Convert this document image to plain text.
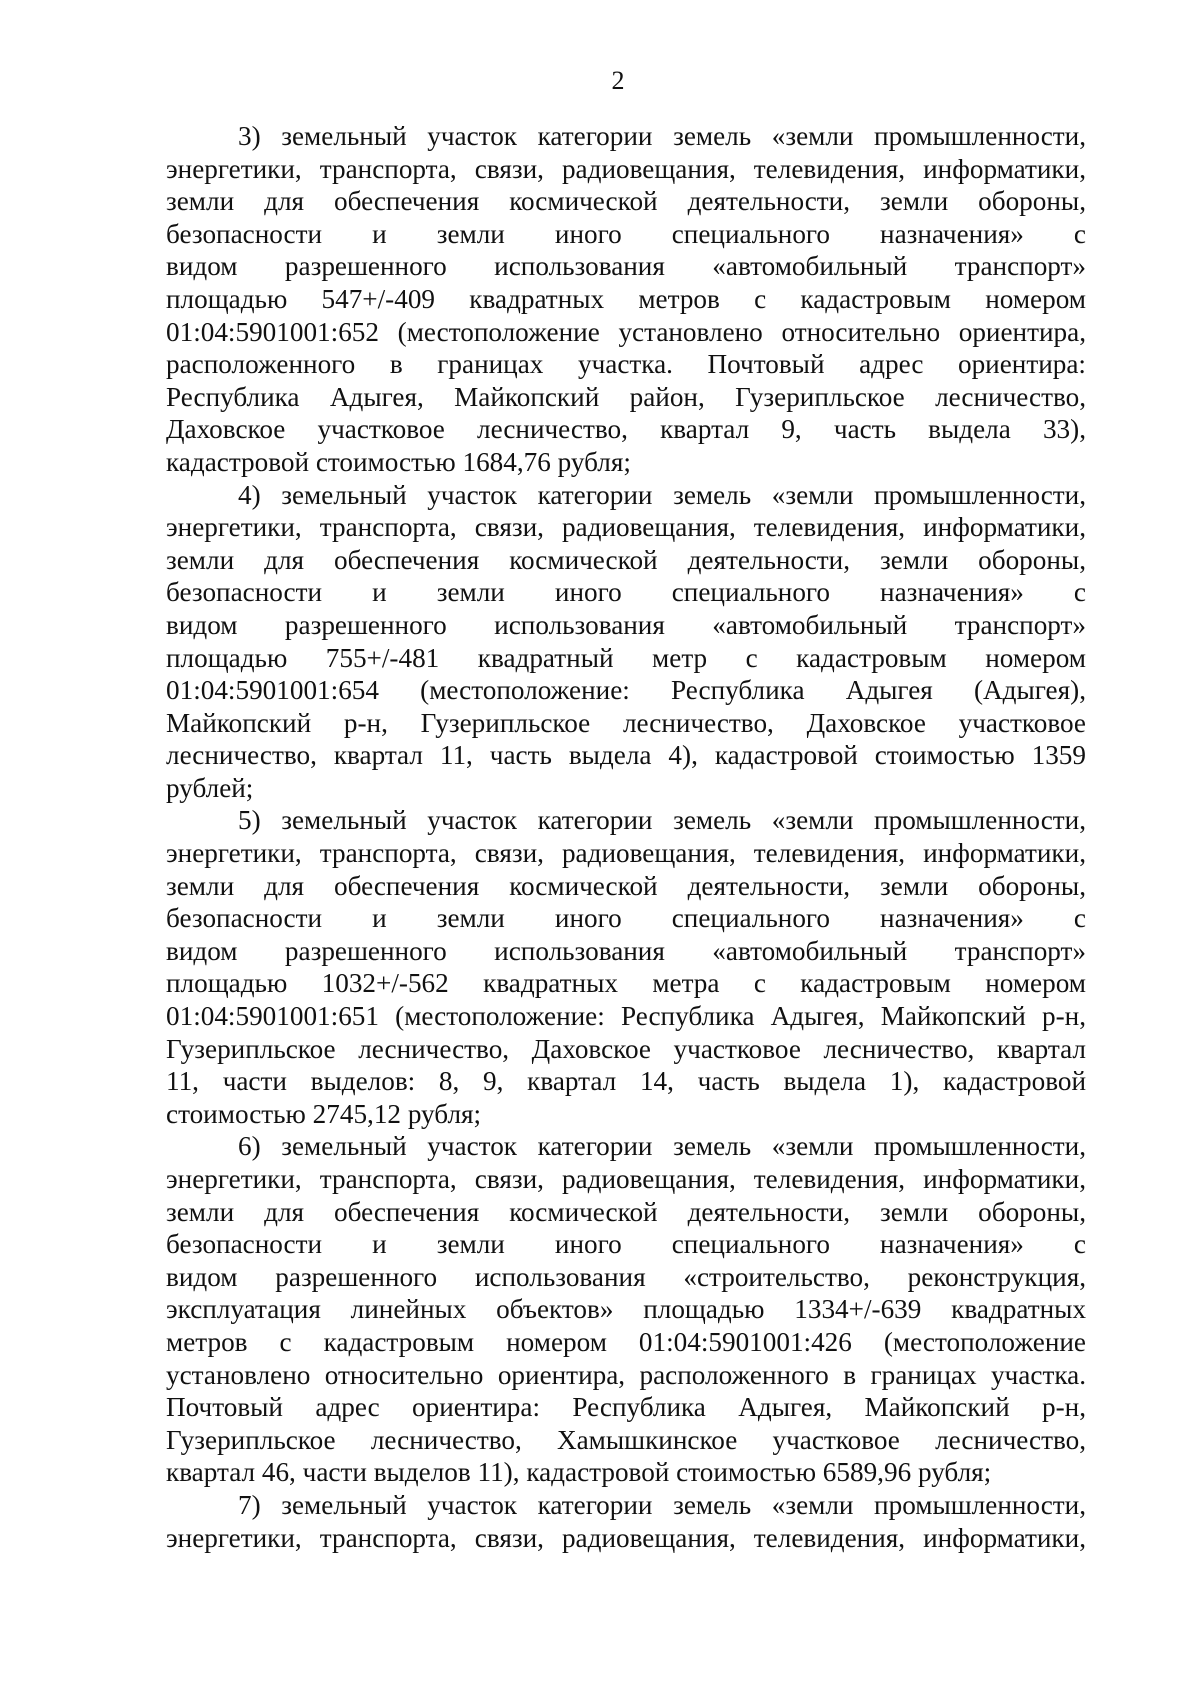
2

3) земельный участок категории земель «земли промышленности,
энергетики, транспорта, связи, радиовещания, телевидения, информатики,
земли для обеспечения космической деятельности, земли обороны,
безопасности и земли иного специального назначения» с
видом разрешенного использования «автомобильный транспорт»
площадью 547+/-409 квадратных метров с кадастровым номером
01:04:5901001:652 (местоположение установлено относительно ориентира,
расположенного в границах участка. Почтовый адрес ориентира:
Республика Адыгея, Майкопский район, Гузерипльское лесничество,
Даховское участковое лесничество, квартал 9, часть выдела 33),
кадастровой стоимостью 1684,76 рубля;

4) земельный участок категории земель «земли промышленности,
энергетики, транспорта, связи, радиовещания, телевидения, информатики,
земли для обеспечения космической деятельности, земли обороны,
безопасности и земли иного специального назначения» с
видом разрешенного использования «автомобильный транспорт»
площадью 755+/-481 квадратный метр с кадастровым номером
01:04:5901001:654 (местоположение: Республика Адыгея (Адыгея),
Майкопский р-н, Гузерипльское лесничество, Даховское участковое
лесничество, квартал 11, часть выдела 4), кадастровой стоимостью 1359
рублей;

5) земельный участок категории земель «земли промышленности,
энергетики, транспорта, связи, радиовещания, телевидения, информатики,
земли для обеспечения космической деятельности, земли обороны,
безопасности и земли иного специального назначения» с
видом разрешенного использования «автомобильный транспорт»
площадью 1032+/-562 квадратных метра с кадастровым номером
01:04:5901001:651 (местоположение: Республика Адыгея, Майкопский р-н,
Гузерипльское лесничество, Даховское участковое лесничество, квартал
11, части выделов: 8, 9, квартал 14, часть выдела 1), кадастровой
стоимостью 2745,12 рубля;

6) земельный участок категории земель «земли промышленности,
энергетики, транспорта, связи, радиовещания, телевидения, информатики,
земли для обеспечения космической деятельности, земли обороны,
безопасности и земли иного специального назначения» с
видом разрешенного использования «строительство, реконструкция,
эксплуатация линейных объектов» площадью 1334+/-639 квадратных
метров с кадастровым номером 01:04:5901001:426 (местоположение
установлено относительно ориентира, расположенного в границах участка.
Почтовый адрес ориентира: Республика Адыгея, Майкопский р-н,
Гузерипльское лесничество, Хамышкинское участковое лесничество,
квартал 46, части выделов 11), кадастровой стоимостью 6589,96 рубля;

7) земельный участок категории земель «земли промышленности,
энергетики, транспорта, связи, радиовещания, телевидения, информатики,
